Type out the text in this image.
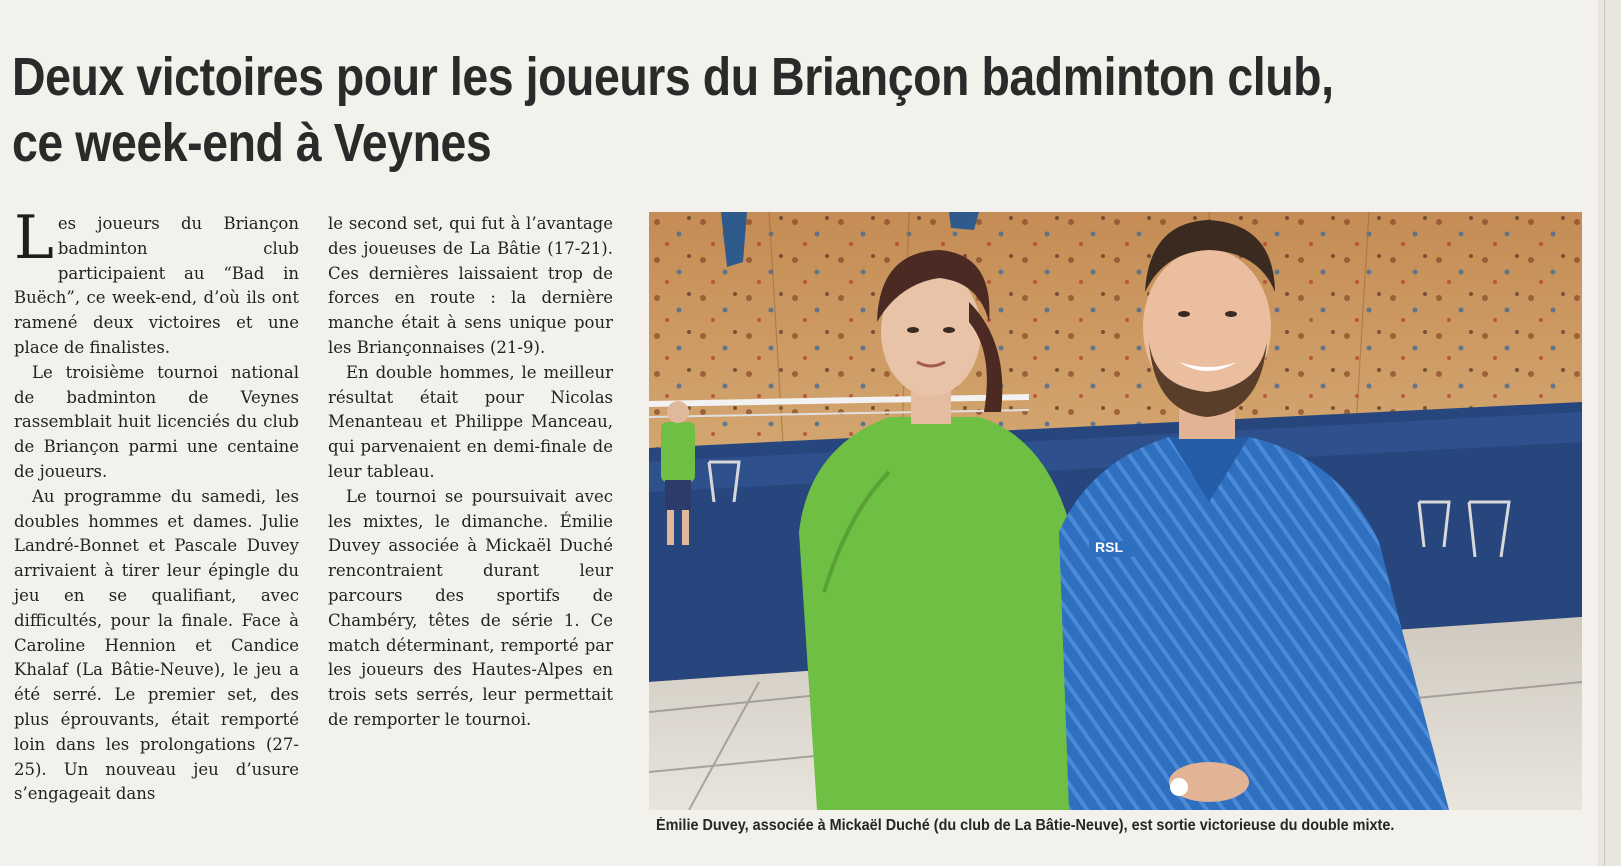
Deux victoires pour les joueurs du Briançon badminton club,
ce week-end à Veynes

Les joueurs du Briançon badminton club participaient au “Bad in Buëch”, ce week-end, d’où ils ont ramené deux victoires et une place de finalistes.

Le troisième tournoi national de badminton de Veynes rassemblait huit licenciés du club de Briançon parmi une centaine de joueurs.

Au programme du samedi, les doubles hommes et dames. Julie Landré-Bonnet et Pascale Duvey arrivaient à tirer leur épingle du jeu en se qualifiant, avec difficultés, pour la finale. Face à Caroline Hennion et Candice Khalaf (La Bâtie-Neuve), le jeu a été serré. Le premier set, des plus éprouvants, était remporté loin dans les prolongations (27-25). Un nouveau jeu d’usure s’engageait dans

le second set, qui fut à l’avantage des joueuses de La Bâtie (17-21). Ces dernières laissaient trop de forces en route : la dernière manche était à sens unique pour les Briançonnaises (21-9).

En double hommes, le meilleur résultat était pour Nicolas Menanteau et Philippe Manceau, qui parvenaient en demi-finale de leur tableau.

Le tournoi se poursuivait avec les mixtes, le dimanche. Émilie Duvey associée à Mickaël Duché rencontraient durant leur parcours des sportifs de Chambéry, têtes de série 1. Ce match déterminant, remporté par les joueurs des Hautes-Alpes en trois sets serrés, leur permettait de remporter le tournoi.

RSL
Émilie Duvey, associée à Mickaël Duché (du club de La Bâtie-Neuve), est sortie victorieuse du double mixte.
